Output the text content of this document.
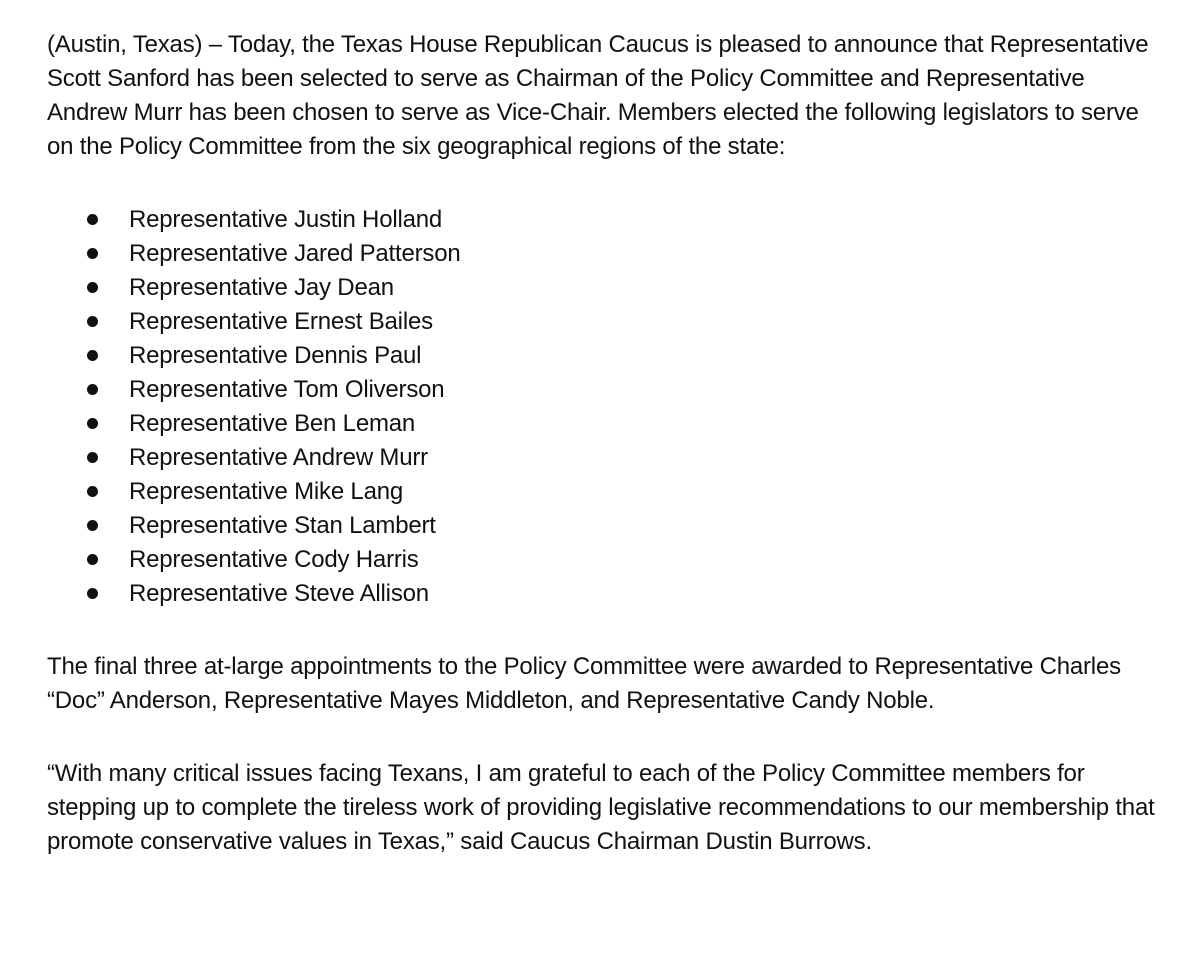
(Austin, Texas) – Today, the Texas House Republican Caucus is pleased to announce that Representative Scott Sanford has been selected to serve as Chairman of the Policy Committee and Representative Andrew Murr has been chosen to serve as Vice-Chair. Members elected the following legislators to serve on the Policy Committee from the six geographical regions of the state:

Representative Justin Holland
Representative Jared Patterson
Representative Jay Dean
Representative Ernest Bailes
Representative Dennis Paul
Representative Tom Oliverson
Representative Ben Leman
Representative Andrew Murr
Representative Mike Lang
Representative Stan Lambert
Representative Cody Harris
Representative Steve Allison

The final three at-large appointments to the Policy Committee were awarded to Representative Charles “Doc” Anderson, Representative Mayes Middleton, and Representative Candy Noble.

“With many critical issues facing Texans, I am grateful to each of the Policy Committee members for stepping up to complete the tireless work of providing legislative recommendations to our membership that promote conservative values in Texas,” said Caucus Chairman Dustin Burrows.
